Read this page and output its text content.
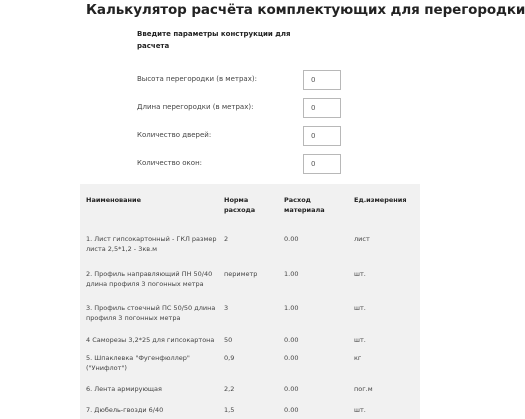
Калькулятор расчёта комплектующих для перегородки
Введите параметры конструкции для расчета
Высота перегородки (в метрах):
0
Длина перегородки (в метрах):
0
Количество дверей:
0
Количество окон:
0
Наименование	Норма расхода	Расход материала	Ед.измерения
1. Лист гипсокартонный - ГКЛ размер листа 2,5*1,2 - 3кв.м	2	0.00	лист
2. Профиль направляющий ПН 50/40 длина профиля 3 погонных метра	периметр	1.00	шт.
3. Профиль стоечный ПС 50/50 длина профиля 3 погонных метра	3	1.00	шт.
4 Саморезы 3,2*25 для гипсокартона	50	0.00	шт.
5. Шпаклевка "Фугенфюллер" ("Унифлот")	0,9	0.00	кг
6. Лента армирующая	2,2	0.00	пог.м
7. Дюбель-гвозди 6/40	1,5	0.00	шт.
